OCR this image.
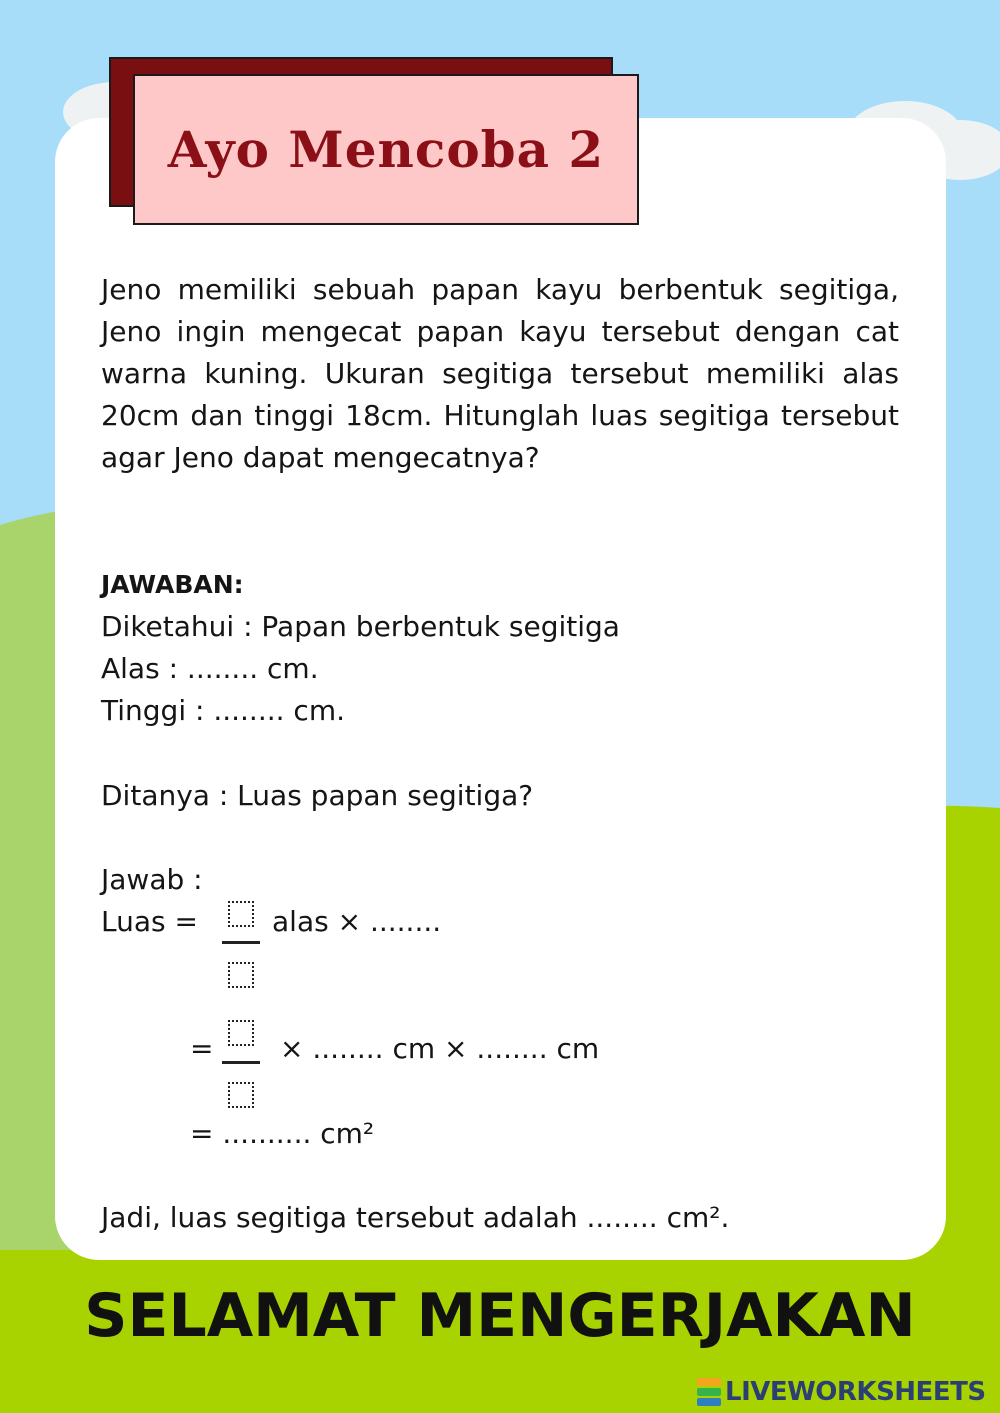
Ayo Mencoba 2
Jeno memiliki sebuah papan kayu berbentuk segitiga, Jeno ingin mengecat papan kayu tersebut dengan cat warna kuning. Ukuran segitiga tersebut memiliki alas 20cm dan tinggi 18cm. Hitunglah luas segitiga tersebut agar Jeno dapat mengecatnya?
JAWABAN:
Diketahui : Papan berbentuk segitiga
Alas : ........ cm.
Tinggi : ........ cm.
Ditanya : Luas papan segitiga?
Jawab :
Luas =	alas × ........
= × ........ cm × ........ cm
= .......... cm²
Jadi, luas segitiga tersebut adalah ........ cm².
SELAMAT MENGERJAKAN
LIVEWORKSHEETS
